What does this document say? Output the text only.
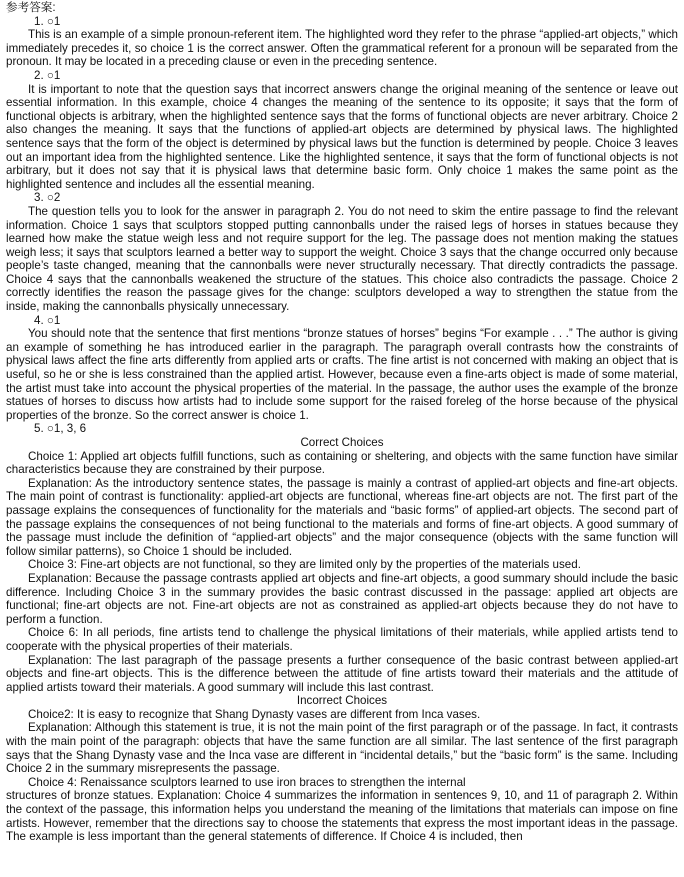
参考答案:
1. ○1

This is an example of a simple pronoun-referent item. The highlighted word they refer to the phrase “applied-art objects,” which immediately precedes it, so choice 1 is the correct answer. Often the grammatical referent for a pronoun will be separated from the pronoun. It may be located in a preceding clause or even in the preceding sentence.

2. ○1

It is important to note that the question says that incorrect answers change the original meaning of the sentence or leave out essential information. In this example, choice 4 changes the meaning of the sentence to its opposite; it says that the form of functional objects is arbitrary, when the highlighted sentence says that the forms of functional objects are never arbitrary. Choice 2 also changes the meaning. It says that the functions of applied-art objects are determined by physical laws. The highlighted sentence says that the form of the object is determined by physical laws but the function is determined by people. Choice 3 leaves out an important idea from the highlighted sentence. Like the highlighted sentence, it says that the form of functional objects is not arbitrary, but it does not say that it is physical laws that determine basic form. Only choice 1 makes the same point as the highlighted sentence and includes all the essential meaning.

3. ○2

The question tells you to look for the answer in paragraph 2. You do not need to skim the entire passage to find the relevant information. Choice 1 says that sculptors stopped putting cannonballs under the raised legs of horses in statues because they learned how make the statue weigh less and not require support for the leg. The passage does not mention making the statues weigh less; it says that sculptors learned a better way to support the weight. Choice 3 says that the change occurred only because people’s taste changed, meaning that the cannonballs were never structurally necessary. That directly contradicts the passage. Choice 4 says that the cannonballs weakened the structure of the statues. This choice also contradicts the passage. Choice 2 correctly identifies the reason the passage gives for the change: sculptors developed a way to strengthen the statue from the inside, making the cannonballs physically unnecessary.

4. ○1

You should note that the sentence that first mentions “bronze statues of horses” begins “For example . . .” The author is giving an example of something he has introduced earlier in the paragraph. The paragraph overall contrasts how the constraints of physical laws affect the fine arts differently from applied arts or crafts. The fine artist is not concerned with making an object that is useful, so he or she is less constrained than the applied artist. However, because even a fine-arts object is made of some material, the artist must take into account the physical properties of the material. In the passage, the author uses the example of the bronze statues of horses to discuss how artists had to include some support for the raised foreleg of the horse because of the physical properties of the bronze. So the correct answer is choice 1.

5. ○1, 3, 6
Correct Choices

Choice 1: Applied art objects fulfill functions, such as containing or sheltering, and objects with the same function have similar characteristics because they are constrained by their purpose.

Explanation: As the introductory sentence states, the passage is mainly a contrast of applied-art objects and fine-art objects. The main point of contrast is functionality: applied-art objects are functional, whereas fine-art objects are not. The first part of the passage explains the consequences of functionality for the materials and “basic forms” of applied-art objects. The second part of the passage explains the consequences of not being functional to the materials and forms of fine-art objects. A good summary of the passage must include the definition of “applied-art objects” and the major consequence (objects with the same function will follow similar patterns), so Choice 1 should be included.

Choice 3: Fine-art objects are not functional, so they are limited only by the properties of the materials used.

Explanation: Because the passage contrasts applied art objects and fine-art objects, a good summary should include the basic difference. Including Choice 3 in the summary provides the basic contrast discussed in the passage: applied art objects are functional; fine-art objects are not. Fine-art objects are not as constrained as applied-art objects because they do not have to perform a function.

Choice 6: In all periods, fine artists tend to challenge the physical limitations of their materials, while applied artists tend to cooperate with the physical properties of their materials.

Explanation: The last paragraph of the passage presents a further consequence of the basic contrast between applied-art objects and fine-art objects. This is the difference between the attitude of fine artists toward their materials and the attitude of applied artists toward their materials. A good summary will include this last contrast.

Incorrect Choices

Choice2: It is easy to recognize that Shang Dynasty vases are different from Inca vases.

Explanation: Although this statement is true, it is not the main point of the first paragraph or of the passage. In fact, it contrasts with the main point of the paragraph: objects that have the same function are all similar. The last sentence of the first paragraph says that the Shang Dynasty vase and the Inca vase are different in “incidental details,” but the “basic form” is the same. Including Choice 2 in the summary misrepresents the passage.

Choice 4: Renaissance sculptors learned to use iron braces to strengthen the internal

structures of bronze statues. Explanation: Choice 4 summarizes the information in sentences 9, 10, and 11 of paragraph 2. Within the context of the passage, this information helps you understand the meaning of the limitations that materials can impose on fine artists. However, remember that the directions say to choose the statements that express the most important ideas in the passage. The example is less important than the general statements of difference. If Choice 4 is included, then
